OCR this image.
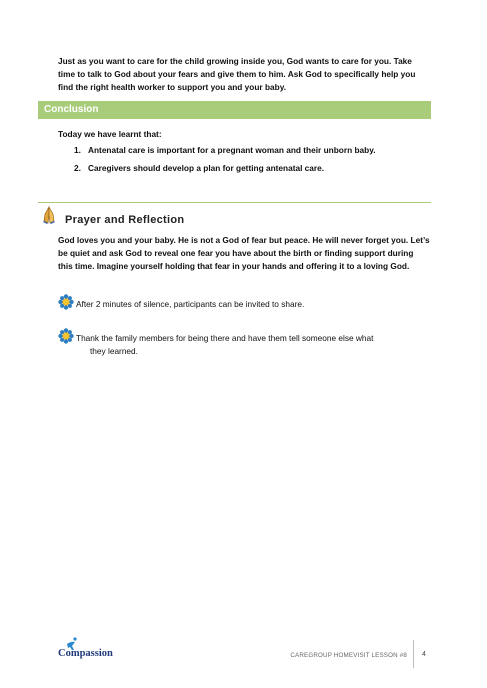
Just as you want to care for the child growing inside you, God wants to care for you. Take time to talk to God about your fears and give them to him. Ask God to specifically help you find the right health worker to support you and your baby.
Conclusion
Today we have learnt that:
1. Antenatal care is important for a pregnant woman and their unborn baby.
2. Caregivers should develop a plan for getting antenatal care.
Prayer and Reflection
God loves you and your baby. He is not a God of fear but peace. He will never forget you. Let’s be quiet and ask God to reveal one fear you have about the birth or finding support during this time. Imagine yourself holding that fear in your hands and offering it to a loving God.
After 2 minutes of silence, participants can be invited to share.
Thank the family members for being there and have them tell someone else what
they learned.
Compassion	CAREGROUP HOMEVISIT LESSON #8 4
